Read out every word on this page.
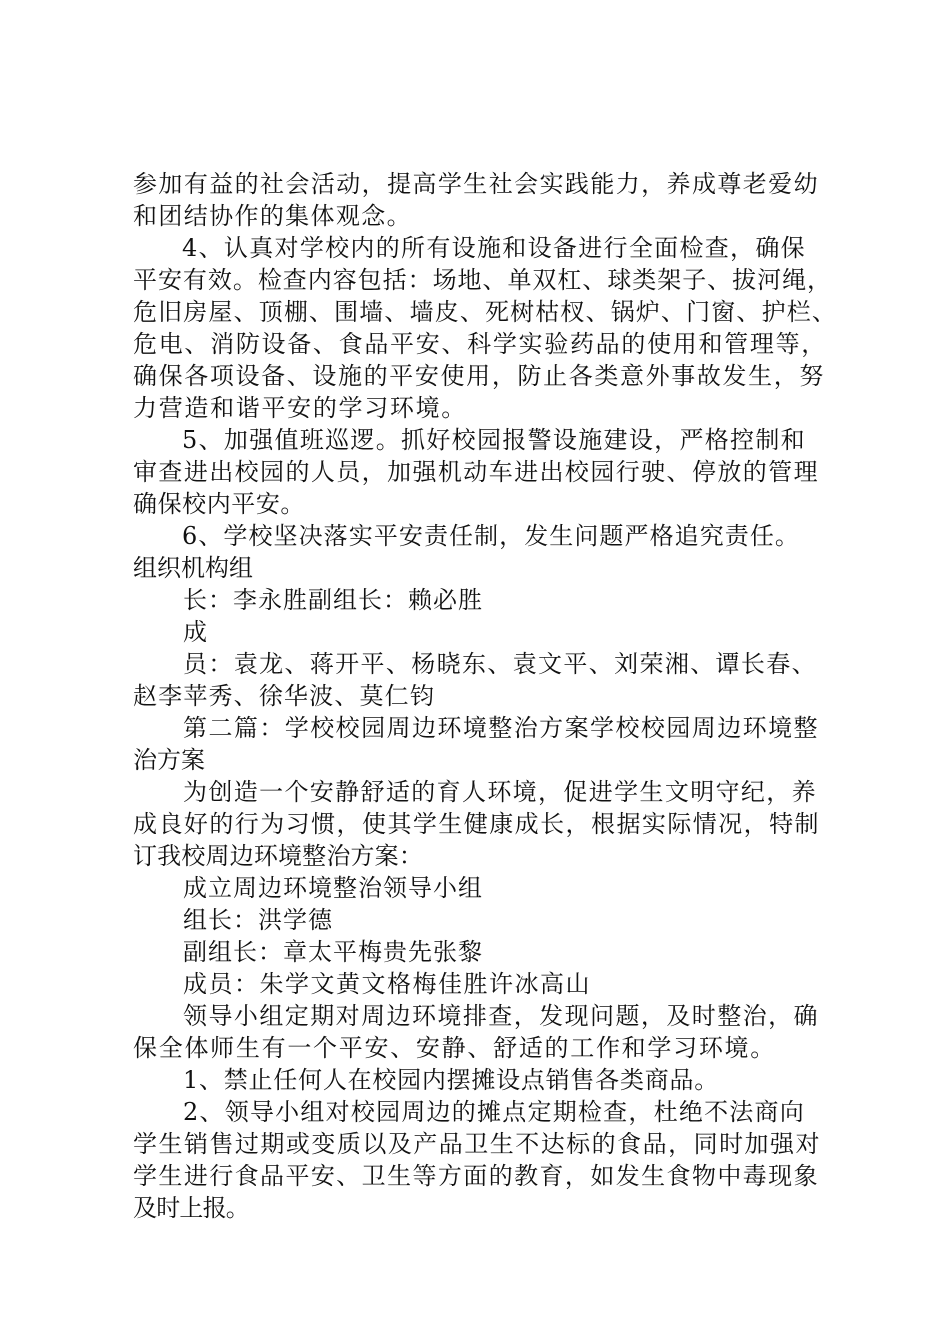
参加有益的社会活动，提高学生社会实践能力，养成尊老爱幼
和团结协作的集体观念。
4、认真对学校内的所有设施和设备进行全面检查，确保
平安有效。检查内容包括：场地、单双杠、球类架子、拔河绳，
危旧房屋、顶棚、围墙、墙皮、死树枯杈、锅炉、门窗、护栏、
危电、消防设备、食品平安、科学实验药品的使用和管理等，
确保各项设备、设施的平安使用，防止各类意外事故发生，努
力营造和谐平安的学习环境。
5、加强值班巡逻。抓好校园报警设施建设，严格控制和
审查进出校园的人员，加强机动车进出校园行驶、停放的管理
确保校内平安。
6、学校坚决落实平安责任制，发生问题严格追究责任。
组织机构组
长：李永胜副组长：赖必胜
成
员：袁龙、蒋开平、杨晓东、袁文平、刘荣湘、谭长春、
赵李苹秀、徐华波、莫仁钧
第二篇：学校校园周边环境整治方案学校校园周边环境整
治方案
为创造一个安静舒适的育人环境，促进学生文明守纪，养
成良好的行为习惯，使其学生健康成长，根据实际情况，特制
订我校周边环境整治方案：
成立周边环境整治领导小组
组长：洪学德
副组长：章太平梅贵先张黎
成员：朱学文黄文格梅佳胜许冰高山
领导小组定期对周边环境排查，发现问题，及时整治，确
保全体师生有一个平安、安静、舒适的工作和学习环境。
1、禁止任何人在校园内摆摊设点销售各类商品。
2、领导小组对校园周边的摊点定期检查，杜绝不法商向
学生销售过期或变质以及产品卫生不达标的食品，同时加强对
学生进行食品平安、卫生等方面的教育，如发生食物中毒现象
及时上报。
